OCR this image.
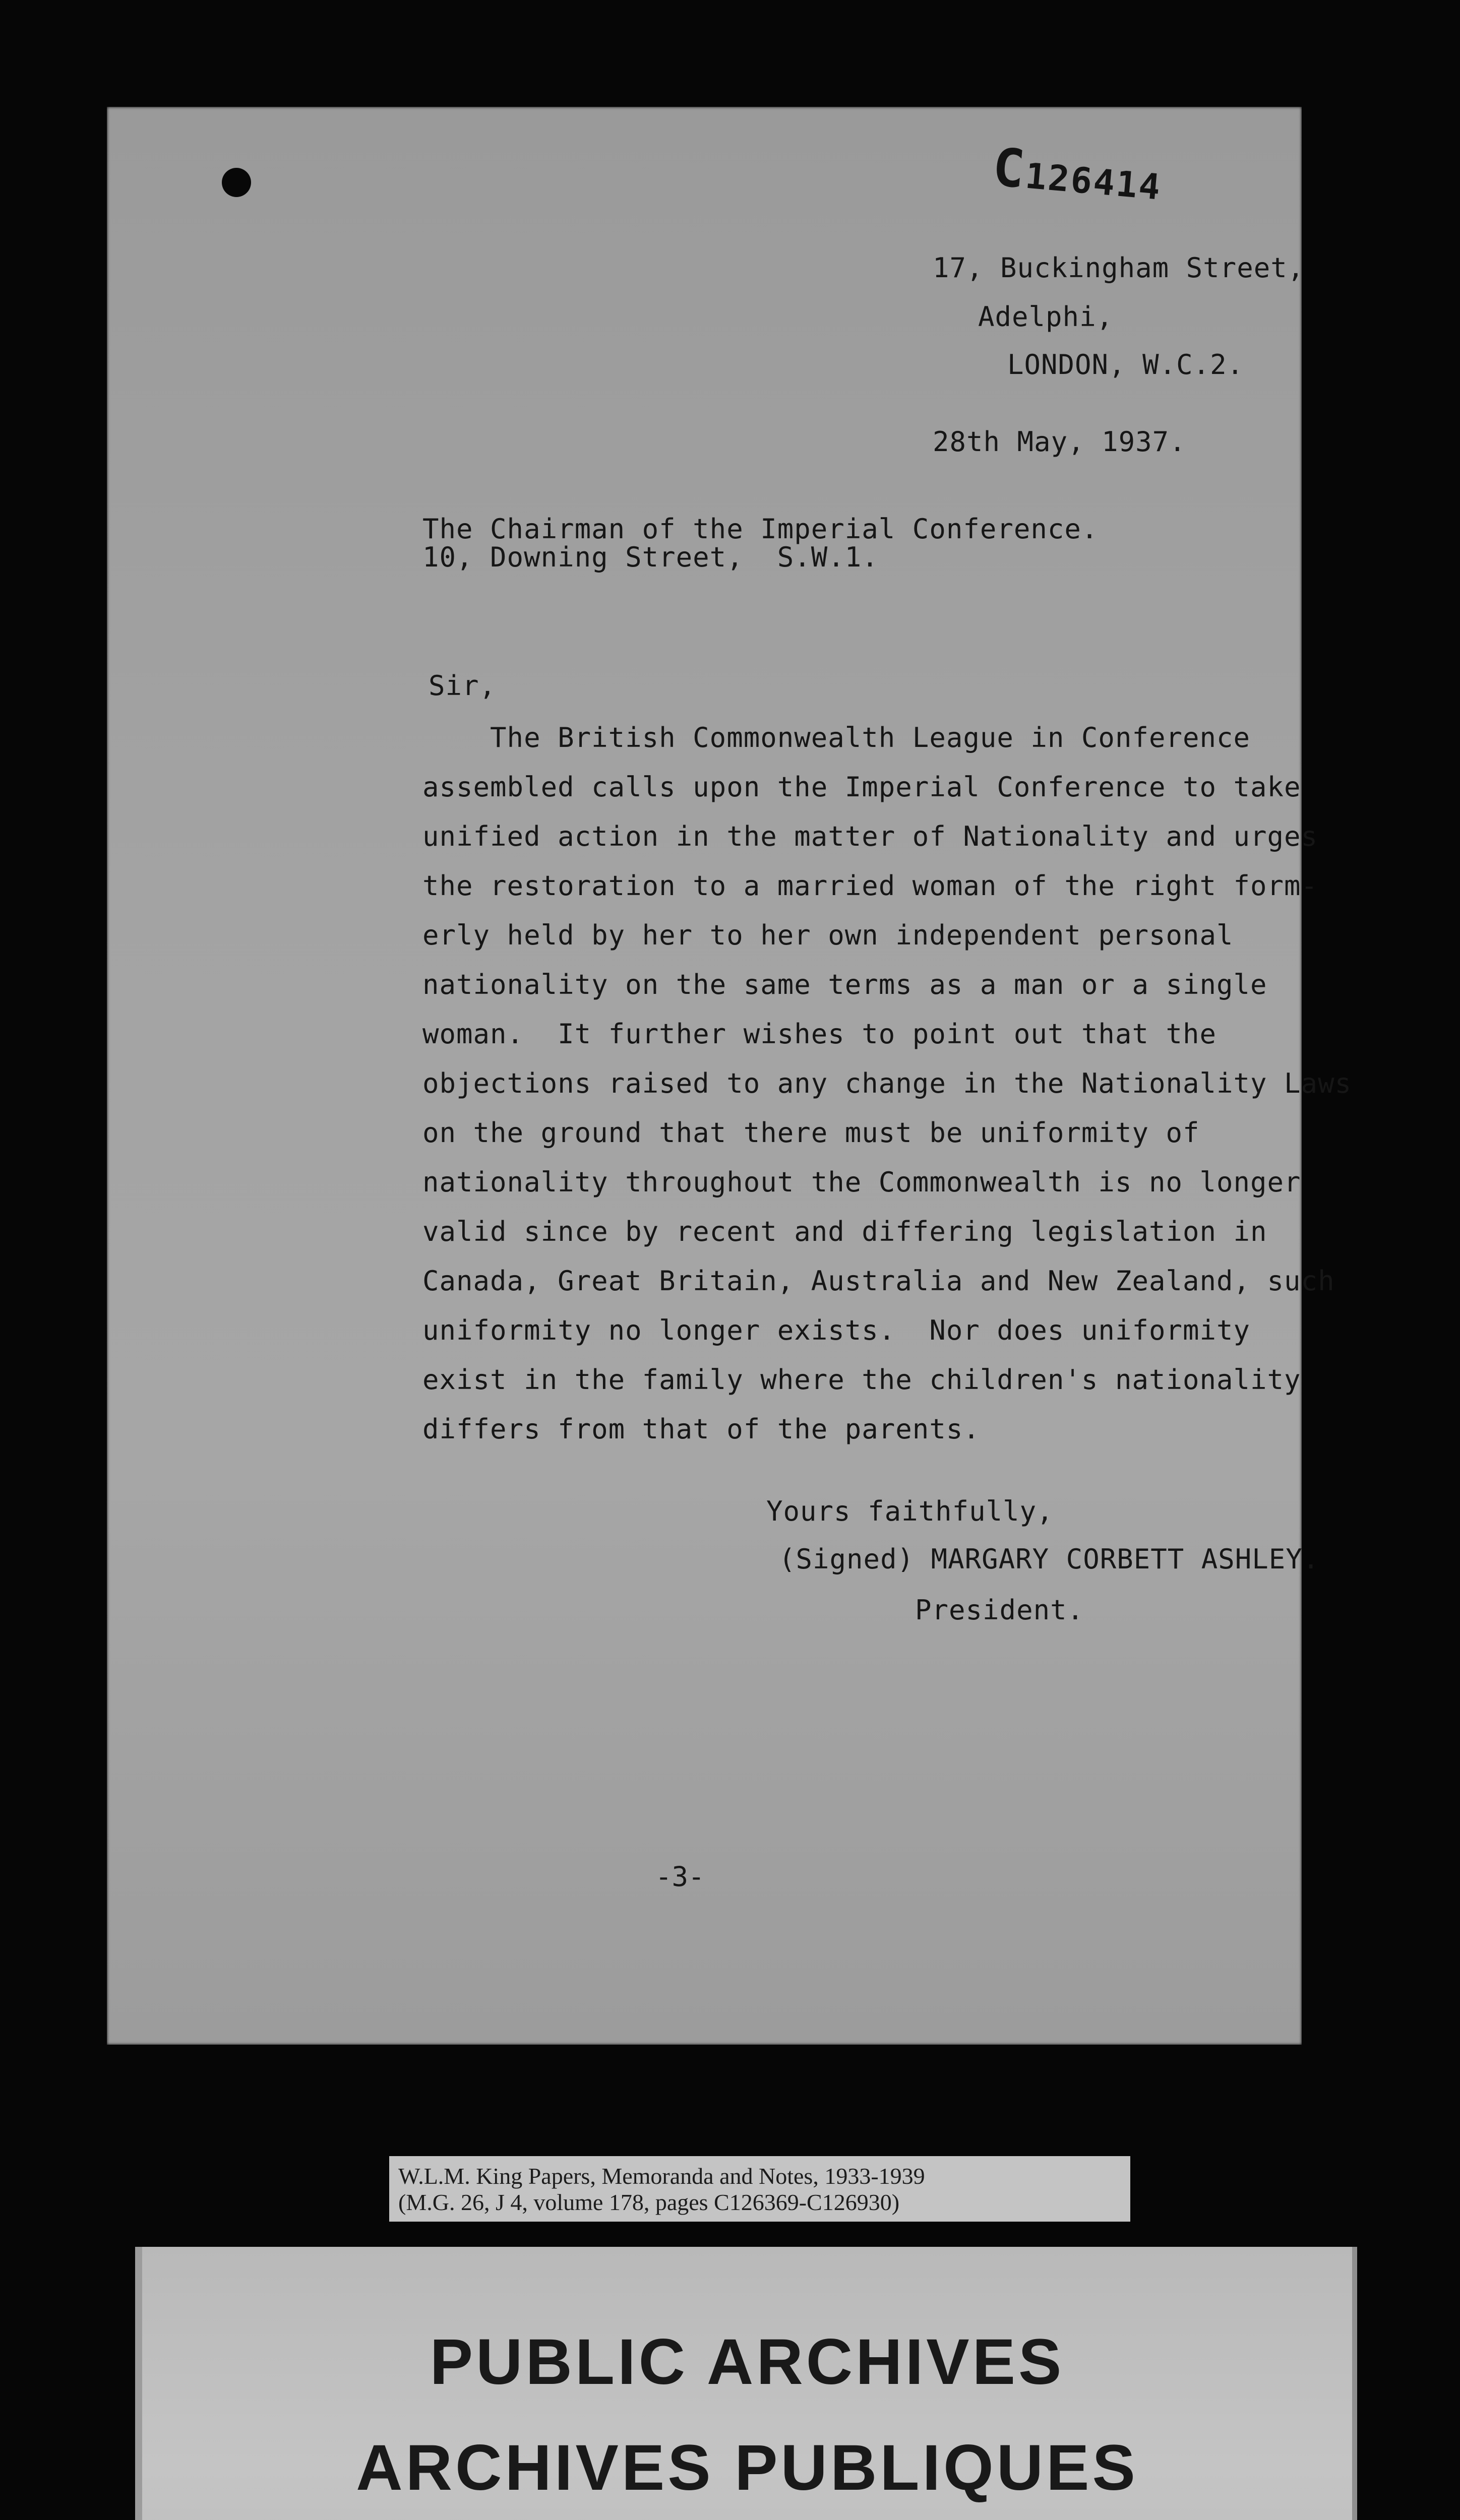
C126414
17, Buckingham Street,
Adelphi,
LONDON, W.C.2.
28th May, 1937.
The Chairman of the Imperial Conference.
10, Downing Street,  S.W.1.
Sir,
The British Commonwealth League in Conference
assembled calls upon the Imperial Conference to take
unified action in the matter of Nationality and urges
the restoration to a married woman of the right form-
erly held by her to her own independent personal
nationality on the same terms as a man or a single
woman.  It further wishes to point out that the
objections raised to any change in the Nationality Laws
on the ground that there must be uniformity of
nationality throughout the Commonwealth is no longer
valid since by recent and differing legislation in
Canada, Great Britain, Australia and New Zealand, such
uniformity no longer exists.  Nor does uniformity
exist in the family where the children's nationality
differs from that of the parents.
Yours faithfully,
(Signed) MARGARY CORBETT ASHLEY.
President.
-3-
W.L.M. King Papers, Memoranda and Notes, 1933-1939
(M.G. 26, J 4, volume 178, pages C126369-C126930)
PUBLIC ARCHIVES
ARCHIVES PUBLIQUES
